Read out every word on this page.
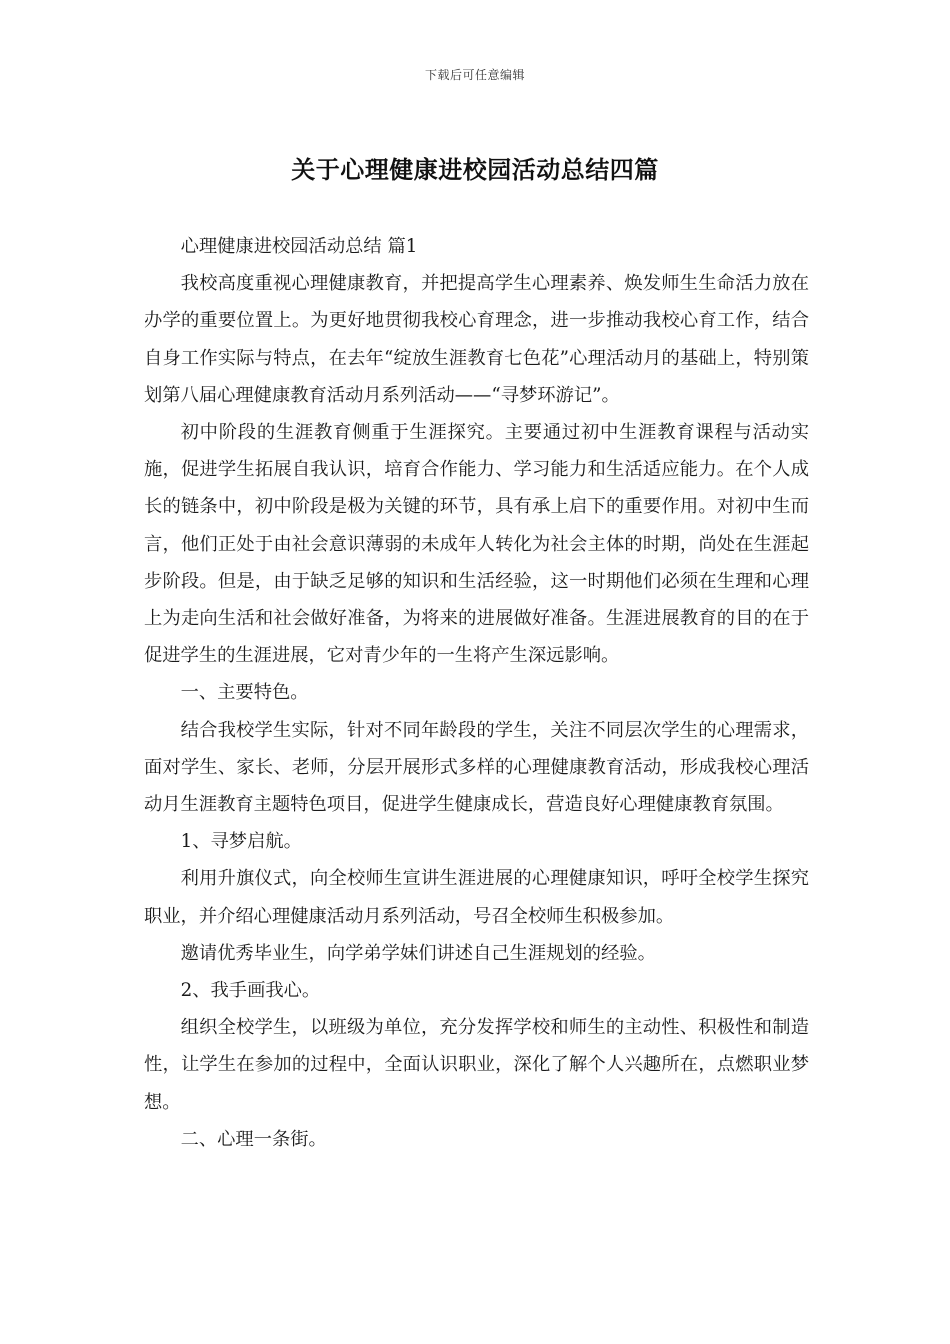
下载后可任意编辑
关于心理健康进校园活动总结四篇

心理健康进校园活动总结 篇1

我校高度重视心理健康教育，并把提高学生心理素养、焕发师生生命活力放在办学的重要位置上。为更好地贯彻我校心育理念，进一步推动我校心育工作，结合自身工作实际与特点，在去年“绽放生涯教育七色花”心理活动月的基础上，特别策划第八届心理健康教育活动月系列活动——“寻梦环游记”。

初中阶段的生涯教育侧重于生涯探究。主要通过初中生涯教育课程与活动实施，促进学生拓展自我认识，培育合作能力、学习能力和生活适应能力。在个人成长的链条中，初中阶段是极为关键的环节，具有承上启下的重要作用。对初中生而言，他们正处于由社会意识薄弱的未成年人转化为社会主体的时期，尚处在生涯起步阶段。但是，由于缺乏足够的知识和生活经验，这一时期他们必须在生理和心理上为走向生活和社会做好准备，为将来的进展做好准备。生涯进展教育的目的在于促进学生的生涯进展，它对青少年的一生将产生深远影响。

一、主要特色。

结合我校学生实际，针对不同年龄段的学生，关注不同层次学生的心理需求，面对学生、家长、老师，分层开展形式多样的心理健康教育活动，形成我校心理活动月生涯教育主题特色项目，促进学生健康成长，营造良好心理健康教育氛围。

1、寻梦启航。

利用升旗仪式，向全校师生宣讲生涯进展的心理健康知识，呼吁全校学生探究职业，并介绍心理健康活动月系列活动，号召全校师生积极参加。

邀请优秀毕业生，向学弟学妹们讲述自己生涯规划的经验。

2、我手画我心。

组织全校学生，以班级为单位，充分发挥学校和师生的主动性、积极性和制造性，让学生在参加的过程中，全面认识职业，深化了解个人兴趣所在，点燃职业梦想。

二、心理一条街。
